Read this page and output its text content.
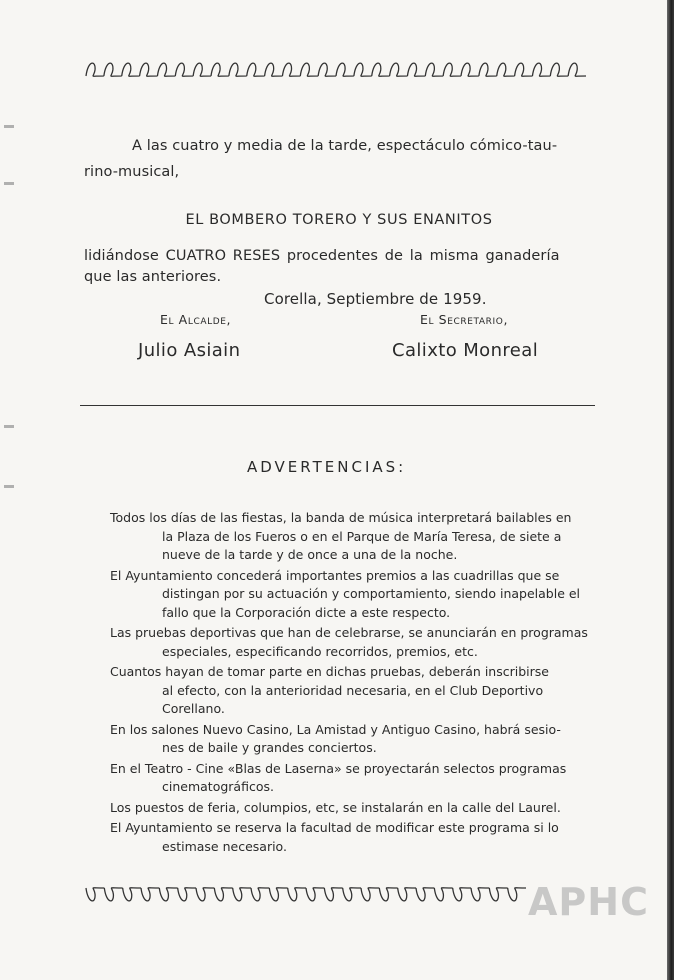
A las cuatro y media de la tarde, espectáculo cómico-tau-
rino-musical,
EL BOMBERO TORERO Y SUS ENANITOS
lidiándose CUATRO RESES procedentes de la misma ganadería
que las anteriores.
Corella, Septiembre de 1959.
El Alcalde,	El Secretario,
Julio Asiain	Calixto Monreal
ADVERTENCIAS:
Todos los días de las fiestas, la banda de música interpretará bailables en
la Plaza de los Fueros o en el Parque de María Teresa, de siete a
nueve de la tarde y de once a una de la noche.
El Ayuntamiento concederá importantes premios a las cuadrillas que se
distingan por su actuación y comportamiento, siendo inapelable el
fallo que la Corporación dicte a este respecto.
Las pruebas deportivas que han de celebrarse, se anunciarán en programas
especiales, especificando recorridos, premios, etc.
Cuantos hayan de tomar parte en dichas pruebas, deberán inscribirse
al efecto, con la anterioridad necesaria, en el Club Deportivo
Corellano.
En los salones Nuevo Casino, La Amistad y Antiguo Casino, habrá sesio-
nes de baile y grandes conciertos.
En el Teatro - Cine «Blas de Laserna» se proyectarán selectos programas
cinematográficos.
Los puestos de feria, columpios, etc, se instalarán en la calle del Laurel.
El Ayuntamiento se reserva la facultad de modificar este programa si lo
estimase necesario.
APHC
